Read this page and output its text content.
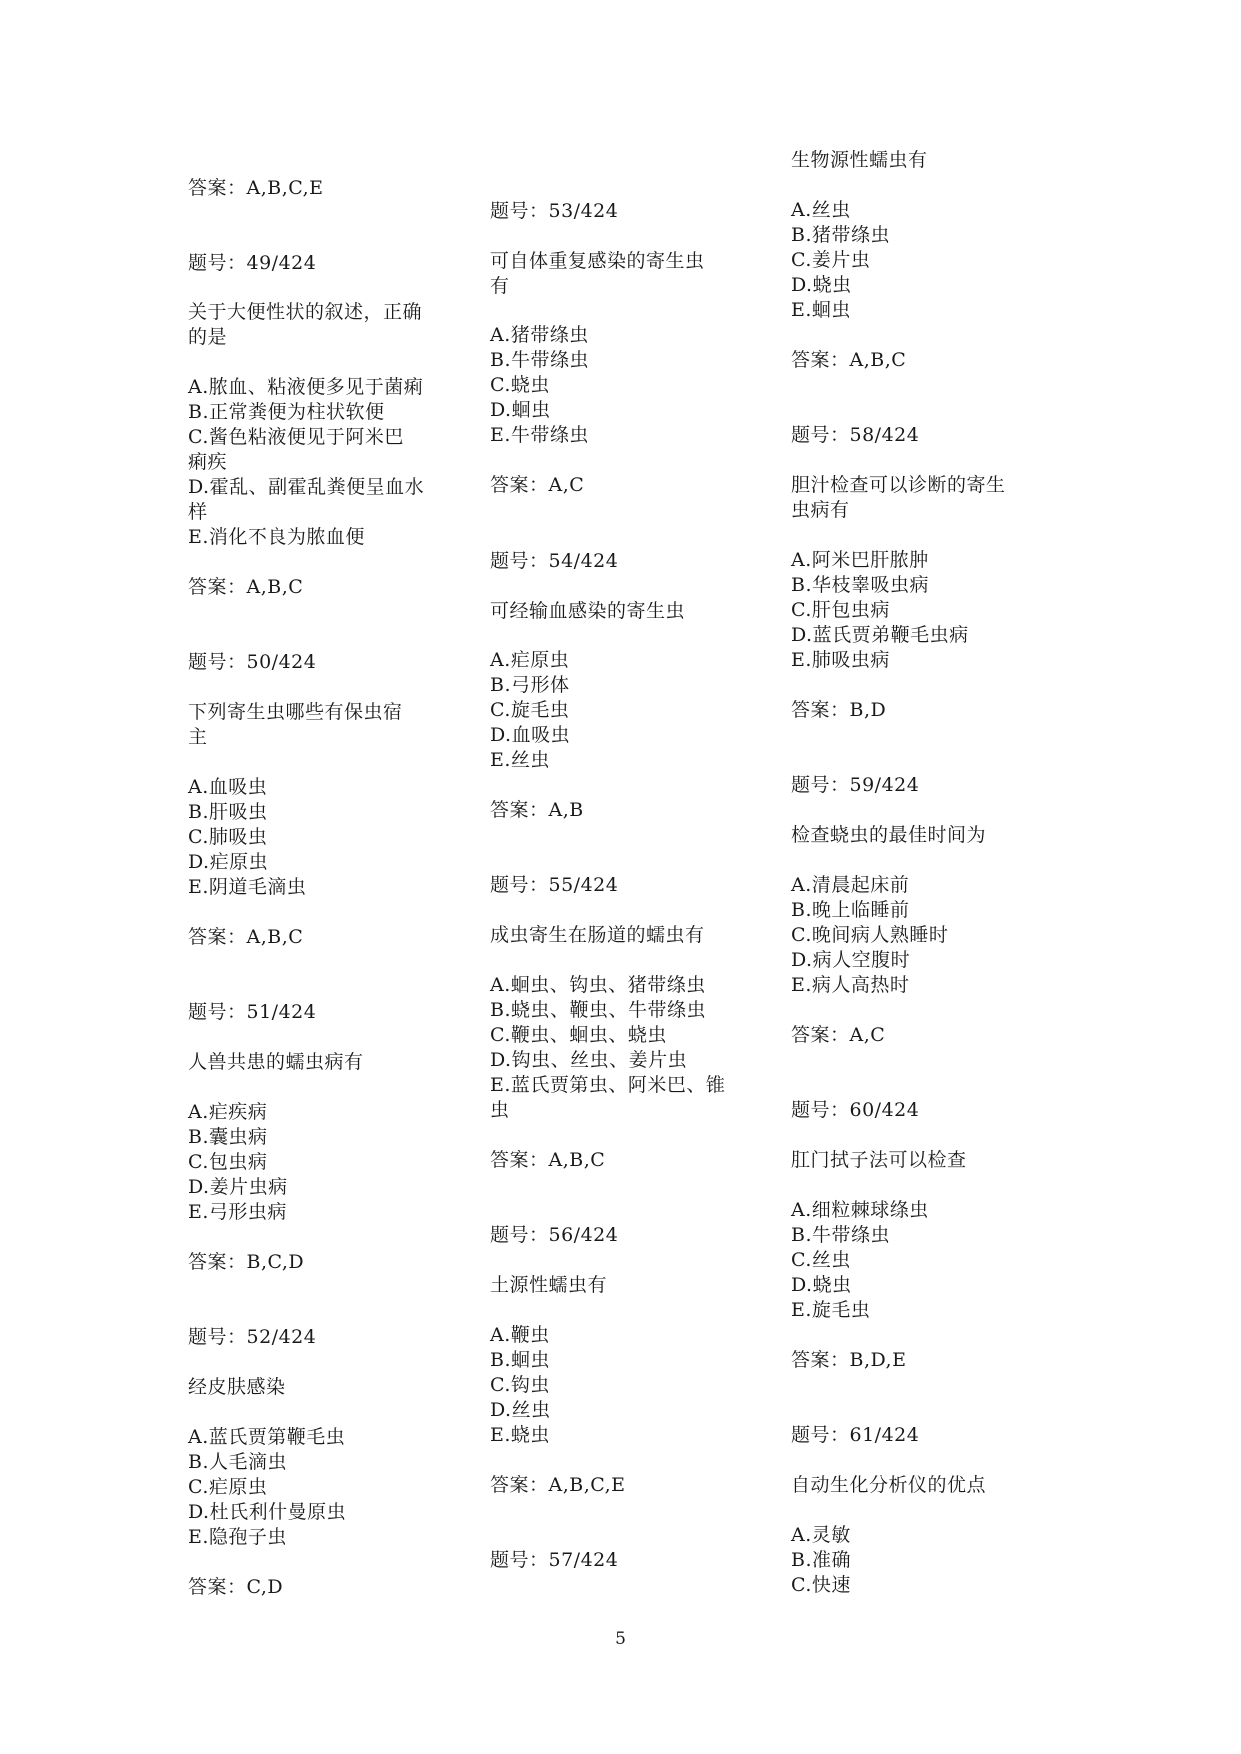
答案：A,B,C,E
题号：49/424
关于大便性状的叙述，正确
的是
A.脓血、粘液便多见于菌痢
B.正常粪便为柱状软便
C.酱色粘液便见于阿米巴
痢疾
D.霍乱、副霍乱粪便呈血水
样
E.消化不良为脓血便
答案：A,B,C
题号：50/424
下列寄生虫哪些有保虫宿
主
A.血吸虫
B.肝吸虫
C.肺吸虫
D.疟原虫
E.阴道毛滴虫
答案：A,B,C
题号：51/424
人兽共患的蠕虫病有
A.疟疾病
B.囊虫病
C.包虫病
D.姜片虫病
E.弓形虫病
答案：B,C,D
题号：52/424
经皮肤感染
A.蓝氏贾第鞭毛虫
B.人毛滴虫
C.疟原虫
D.杜氏利什曼原虫
E.隐孢子虫
答案：C,D
题号：53/424
可自体重复感染的寄生虫
有
A.猪带绦虫
B.牛带绦虫
C.蛲虫
D.蛔虫
E.牛带绦虫
答案：A,C
题号：54/424
可经输血感染的寄生虫
A.疟原虫
B.弓形体
C.旋毛虫
D.血吸虫
E.丝虫
答案：A,B
题号：55/424
成虫寄生在肠道的蠕虫有
A.蛔虫、钩虫、猪带绦虫
B.蛲虫、鞭虫、牛带绦虫
C.鞭虫、蛔虫、蛲虫
D.钩虫、丝虫、姜片虫
E.蓝氏贾第虫、阿米巴、锥
虫
答案：A,B,C
题号：56/424
土源性蠕虫有
A.鞭虫
B.蛔虫
C.钩虫
D.丝虫
E.蛲虫
答案：A,B,C,E
题号：57/424
生物源性蠕虫有
A.丝虫
B.猪带绦虫
C.姜片虫
D.蛲虫
E.蛔虫
答案：A,B,C
题号：58/424
胆汁检查可以诊断的寄生
虫病有
A.阿米巴肝脓肿
B.华枝睾吸虫病
C.肝包虫病
D.蓝氏贾弟鞭毛虫病
E.肺吸虫病
答案：B,D
题号：59/424
检查蛲虫的最佳时间为
A.清晨起床前
B.晚上临睡前
C.晚间病人熟睡时
D.病人空腹时
E.病人高热时
答案：A,C
题号：60/424
肛门拭子法可以检查
A.细粒棘球绦虫
B.牛带绦虫
C.丝虫
D.蛲虫
E.旋毛虫
答案：B,D,E
题号：61/424
自动生化分析仪的优点
A.灵敏
B.准确
C.快速
5
